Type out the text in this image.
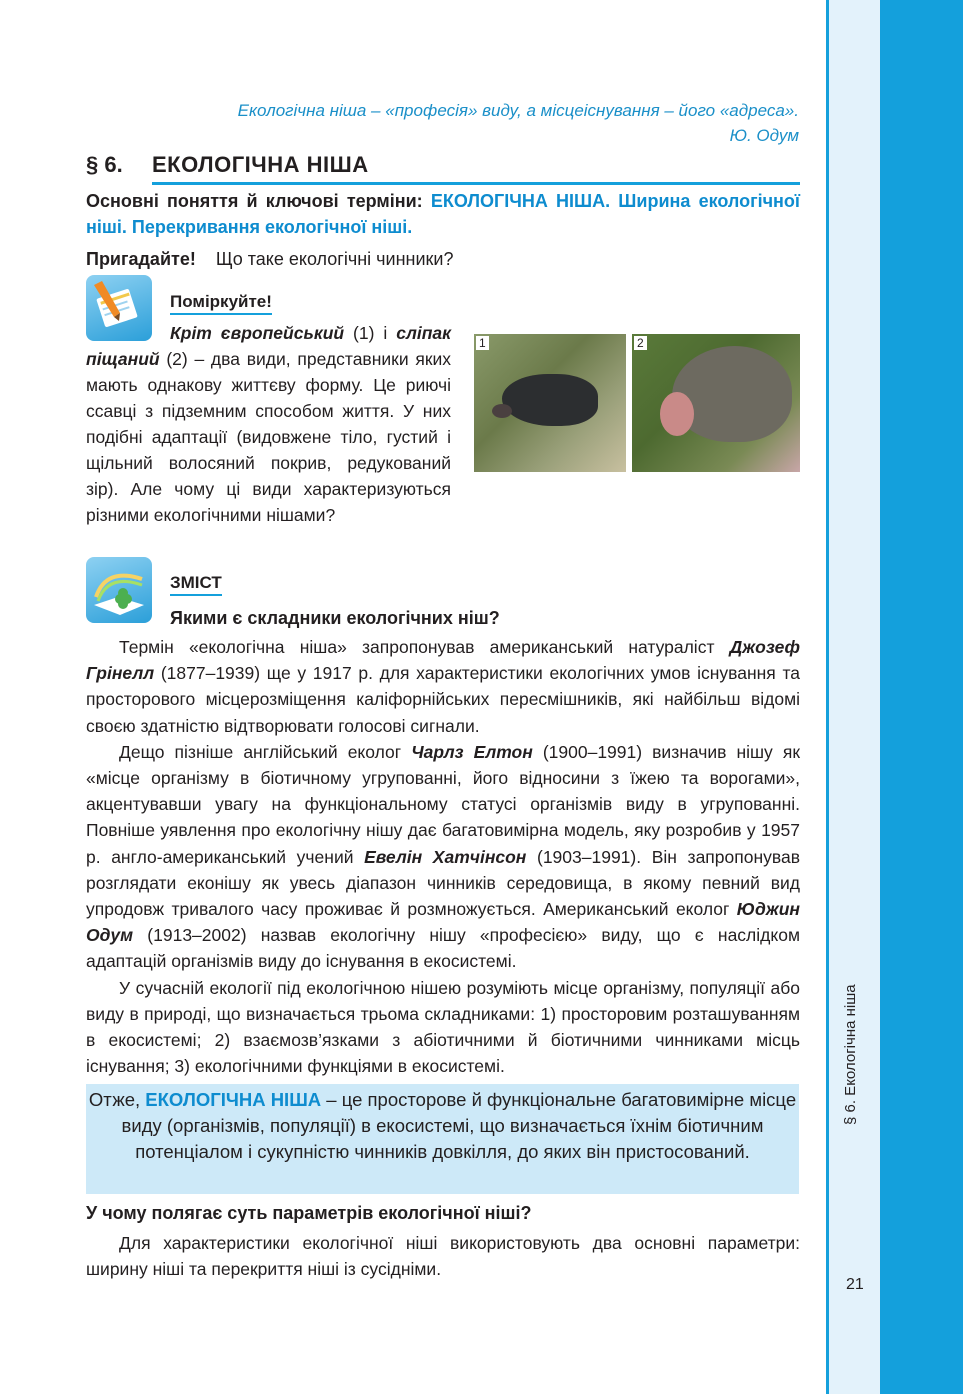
§ 6. Екологічна ніша
21
Екологічна ніша – «професія» виду, а місцеіснування – його «адреса».
Ю. Одум
§ 6. ЕКОЛОГІЧНА НІША
Основні поняття й ключові терміни: ЕКОЛОГІЧНА НІША. Ширина екологічної ніші. Перекривання екологічної ніші.
Пригадайте! Що таке екологічні чинники?
Поміркуйте!
Кріт європейський (1) і сліпак піщаний (2) – два види, представники яких мають однакову життєву форму. Це риючі ссавці з підземним способом життя. У них подібні адаптації (видовжене тіло, густий і щільний волосяний покрив, редукований зір). Але чому ці види характеризуються різними екологічними нішами?
1	2
ЗМІСТ
Якими є складники екологічних ніш?

Термін «екологічна ніша» запропонував американський натураліст Джозеф Грінелл (1877–1939) ще у 1917 р. для характеристики екологічних умов існування та просторового місцерозміщення каліфорнійських пересмішників, які найбільш відомі своєю здатністю відтворювати голосові сигнали.

Дещо пізніше англійський еколог Чарлз Елтон (1900–1991) визначив нішу як «місце організму в біотичному угрупованні, його відносини з їжею та ворогами», акцентувавши увагу на функціональному статусі організмів виду в угрупованні. Повніше уявлення про екологічну нішу дає багатовимірна модель, яку розробив у 1957 р. англо-американський учений Евелін Хатчінсон (1903–1991). Він запропонував розглядати еконішу як увесь діапазон чинників середовища, в якому певний вид упродовж тривалого часу проживає й розмножується. Американський еколог Юджин Одум (1913–2002) назвав екологічну нішу «професією» виду, що є наслідком адаптацій організмів виду до існування в екосистемі.

У сучасній екології під екологічною нішею розуміють місце організму, популяції або виду в природі, що визначається трьома складниками: 1) просторовим розташуванням в екосистемі; 2) взаємозв’язками з абіотичними й біотичними чинниками місць існування; 3) екологічними функціями в екосистемі.

Отже, ЕКОЛОГІЧНА НІША – це просторове й функціональне багатовимірне місце виду (організмів, популяції) в екосистемі, що визначається їхнім біотичним потенціалом і сукупністю чинників довкілля, до яких він пристосований.
У чому полягає суть параметрів екологічної ніші?

Для характеристики екологічної ніші використовують два основні параметри: ширину ніші та перекриття ніші із сусідніми.
